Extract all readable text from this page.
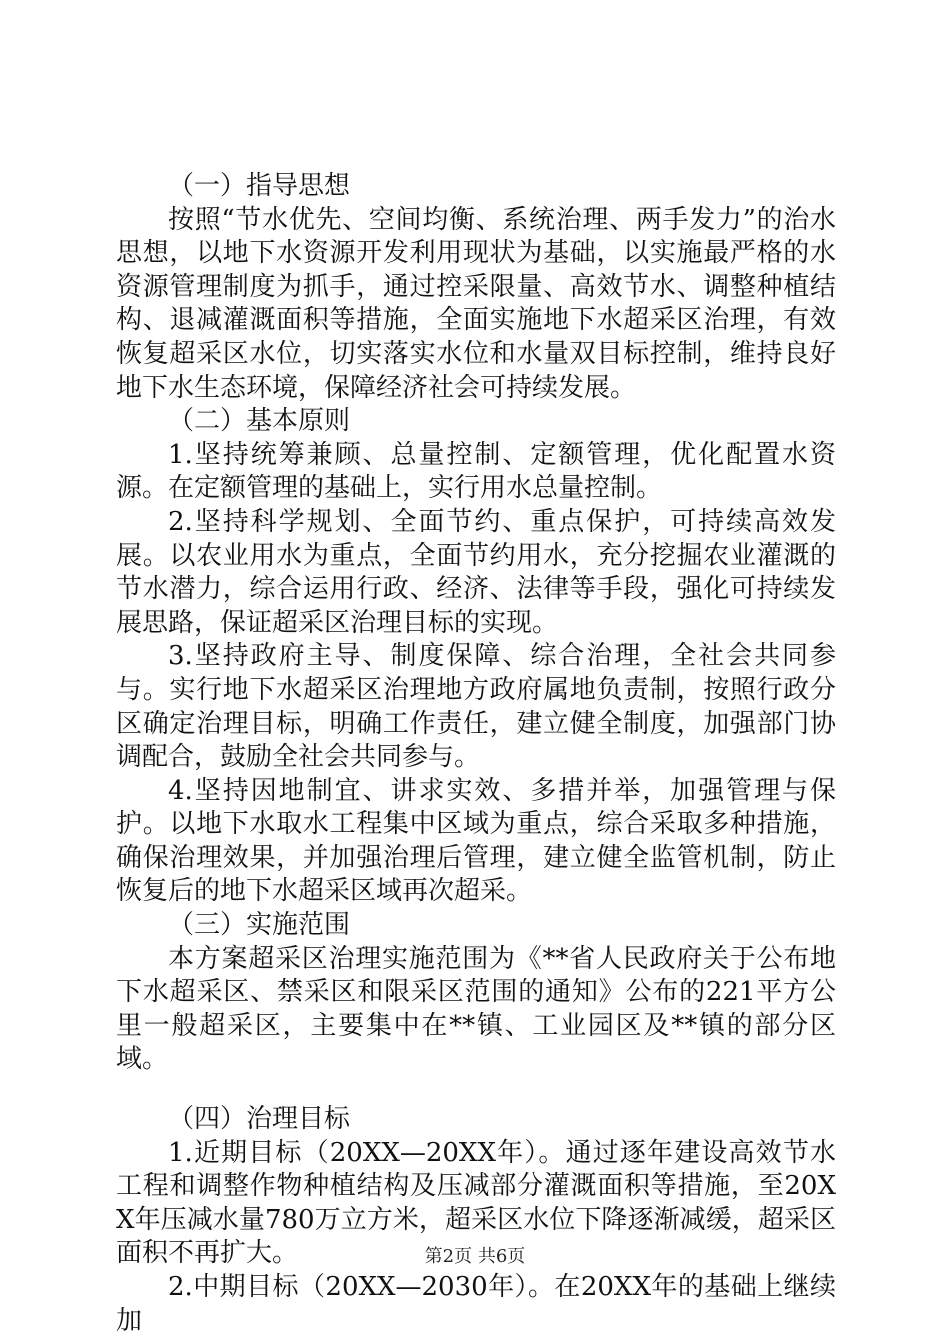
（一）指导思想

按照“节水优先、空间均衡、系统治理、两手发力”的治水思想，以地下水资源开发利用现状为基础，以实施最严格的水资源管理制度为抓手，通过控采限量、高效节水、调整种植结构、退减灌溉面积等措施，全面实施地下水超采区治理，有效恢复超采区水位，切实落实水位和水量双目标控制，维持良好地下水生态环境，保障经济社会可持续发展。

（二）基本原则

1.坚持统筹兼顾、总量控制、定额管理，优化配置水资源。在定额管理的基础上，实行用水总量控制。

2.坚持科学规划、全面节约、重点保护，可持续高效发展。以农业用水为重点，全面节约用水，充分挖掘农业灌溉的节水潜力，综合运用行政、经济、法律等手段，强化可持续发展思路，保证超采区治理目标的实现。

3.坚持政府主导、制度保障、综合治理，全社会共同参与。实行地下水超采区治理地方政府属地负责制，按照行政分区确定治理目标，明确工作责任，建立健全制度，加强部门协调配合，鼓励全社会共同参与。

4.坚持因地制宜、讲求实效、多措并举，加强管理与保护。以地下水取水工程集中区域为重点，综合采取多种措施，确保治理效果，并加强治理后管理，建立健全监管机制，防止恢复后的地下水超采区域再次超采。

（三）实施范围

本方案超采区治理实施范围为《**省人民政府关于公布地下水超采区、禁采区和限采区范围的通知》公布的221平方公里一般超采区，主要集中在**镇、工业园区及**镇的部分区域。

（四）治理目标

1.近期目标（20XX—20XX年）。通过逐年建设高效节水工程和调整作物种植结构及压减部分灌溉面积等措施，至20XX年压减水量780万立方米，超采区水位下降逐渐减缓，超采区面积不再扩大。

2.中期目标（20XX—2030年）。在20XX年的基础上继续加

第2页 共6页
